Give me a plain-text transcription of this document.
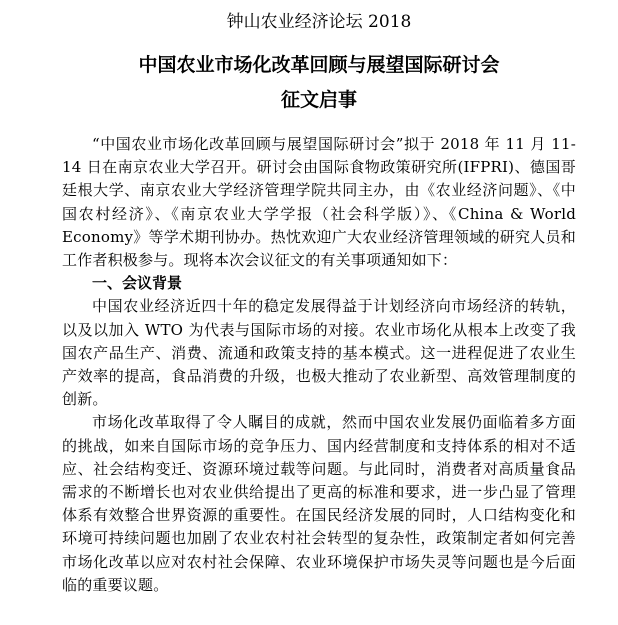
钟山农业经济论坛 2018
中国农业市场化改革回顾与展望国际研讨会
征文启事

“中国农业市场化改革回顾与展望国际研讨会”拟于 2018 年 11 月 11-14 日在南京农业大学召开。研讨会由国际食物政策研究所(IFPRI)、德国哥廷根大学、南京农业大学经济管理学院共同主办，由《农业经济问题》、《中国农村经济》、《南京农业大学学报（社会科学版）》、《China & World Economy》等学术期刊协办。热忱欢迎广大农业经济管理领域的研究人员和工作者积极参与。现将本次会议征文的有关事项通知如下：

一、会议背景

中国农业经济近四十年的稳定发展得益于计划经济向市场经济的转轨，以及以加入 WTO 为代表与国际市场的对接。农业市场化从根本上改变了我国农产品生产、消费、流通和政策支持的基本模式。这一进程促进了农业生产效率的提高，食品消费的升级，也极大推动了农业新型、高效管理制度的创新。

市场化改革取得了令人瞩目的成就，然而中国农业发展仍面临着多方面的挑战，如来自国际市场的竞争压力、国内经营制度和支持体系的相对不适应、社会结构变迁、资源环境过载等问题。与此同时，消费者对高质量食品需求的不断增长也对农业供给提出了更高的标准和要求，进一步凸显了管理体系有效整合世界资源的重要性。在国民经济发展的同时，人口结构变化和环境可持续问题也加剧了农业农村社会转型的复杂性，政策制定者如何完善市场化改革以应对农村社会保障、农业环境保护市场失灵等问题也是今后面临的重要议题。
